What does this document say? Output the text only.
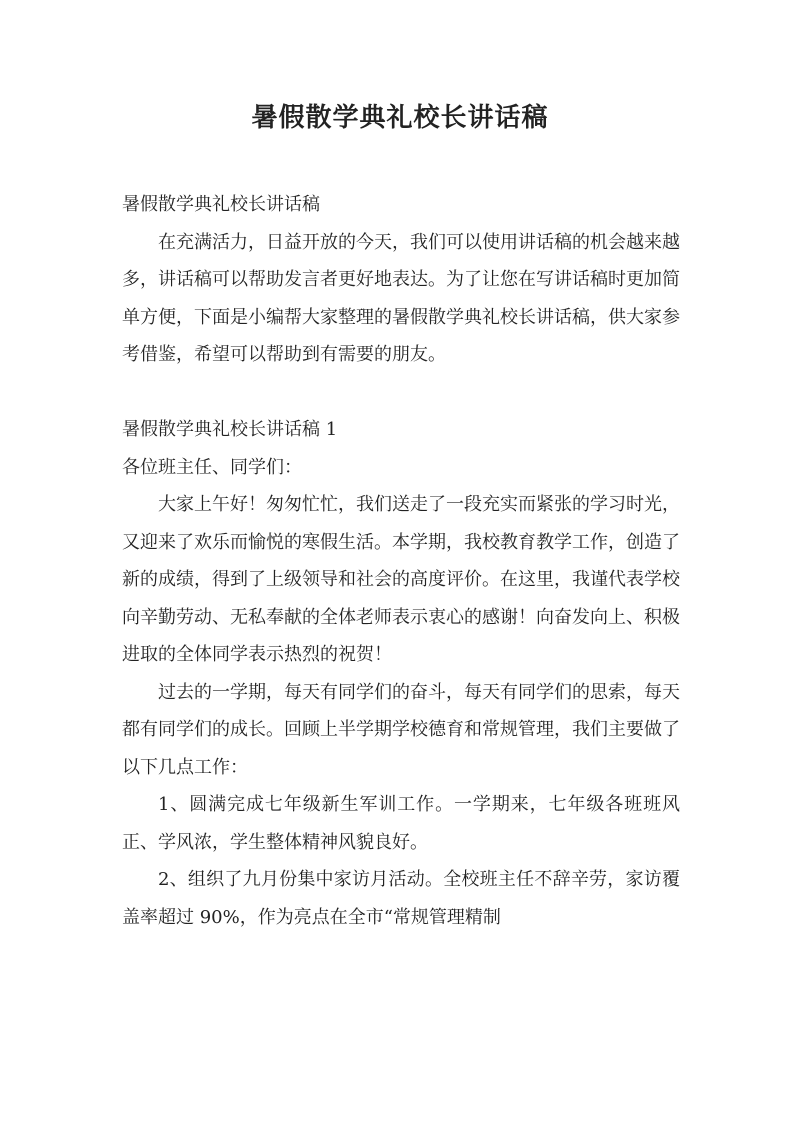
暑假散学典礼校长讲话稿

暑假散学典礼校长讲话稿

在充满活力，日益开放的今天，我们可以使用讲话稿的机会越来越多，讲话稿可以帮助发言者更好地表达。为了让您在写讲话稿时更加简单方便，下面是小编帮大家整理的暑假散学典礼校长讲话稿，供大家参考借鉴，希望可以帮助到有需要的朋友。

暑假散学典礼校长讲话稿 1

各位班主任、同学们：

大家上午好！匆匆忙忙，我们送走了一段充实而紧张的学习时光，又迎来了欢乐而愉悦的寒假生活。本学期，我校教育教学工作，创造了新的成绩，得到了上级领导和社会的高度评价。在这里，我谨代表学校向辛勤劳动、无私奉献的全体老师表示衷心的感谢！向奋发向上、积极进取的全体同学表示热烈的祝贺！

过去的一学期，每天有同学们的奋斗，每天有同学们的思索，每天都有同学们的成长。回顾上半学期学校德育和常规管理，我们主要做了以下几点工作：

1、圆满完成七年级新生军训工作。一学期来，七年级各班班风正、学风浓，学生整体精神风貌良好。

2、组织了九月份集中家访月活动。全校班主任不辞辛劳，家访覆盖率超过 90%，作为亮点在全市“常规管理精制
